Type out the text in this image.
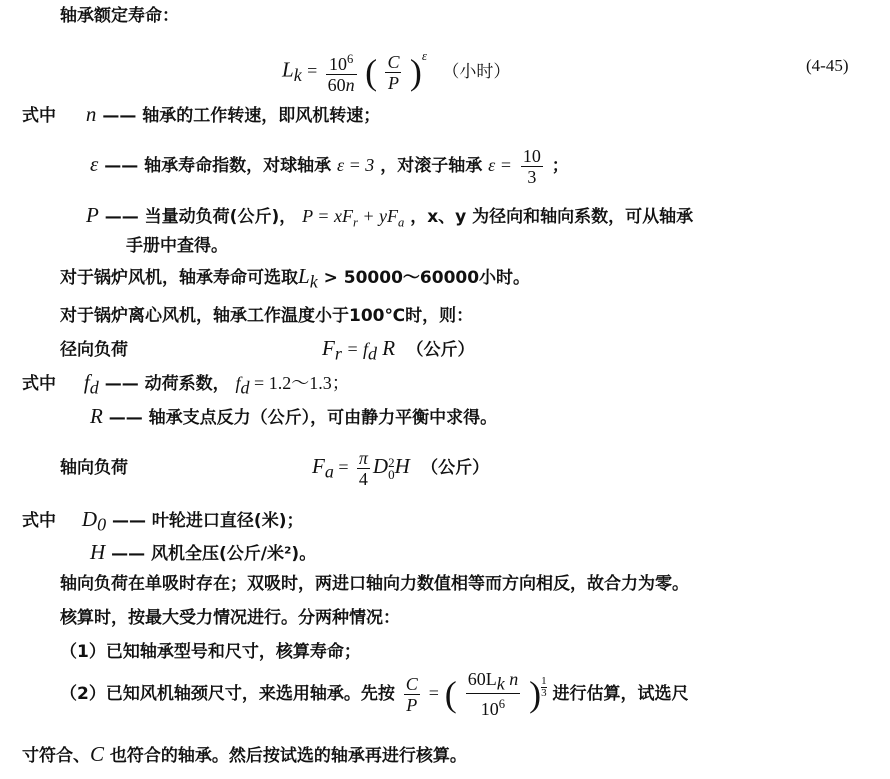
轴承额定寿命：
$L_k = \frac{10^6}{60n}$ ( $\frac{C}{P} )^\varepsilon$ （小时）	(4-45)
式中 n —— 轴承的工作转速，即风机转速；
ε —— 轴承寿命指数，对球轴承 ε = 3 ，对滚子轴承 $\varepsilon = \frac{10}{3}$ ；
P —— 当量动负荷(公斤)， $P = xF_r + yF_a$ ，x、y 为径向和轴向系数，可从轴承
手册中查得。
对于锅炉风机，轴承寿命可选取$L_k$ > 50000～60000小时。
对于锅炉离心风机，轴承工作温度小于100℃时，则：
径向负荷	$F_r = f_d$ R （公斤）
式中 $f_d$ —— 动荷系数， $f_d$ = 1.2～1.3；
R —— 轴承支点反力（公斤），可由静力平衡中求得。
轴向负荷	$F_a = \frac{\pi}{4}$ D 2
0 H （公斤）
式中 $D_0$ —— 叶轮进口直径(米)；
H —— 风机全压(公斤/米²)。
轴向负荷在单吸时存在；双吸时，两进口轴向力数值相等而方向相反，故合力为零。
核算时，按最大受力情况进行。分两种情况：
（1）已知轴承型号和尺寸，核算寿命；
（2）已知风机轴颈尺寸，来选用轴承。先按 $\frac{C}{P}$ = ( $\frac{60L_k n}{10^6}$ ) $\frac{1}{3}$ 进行估算，试选尺
寸符合、C 也符合的轴承。然后按试选的轴承再进行核算。
